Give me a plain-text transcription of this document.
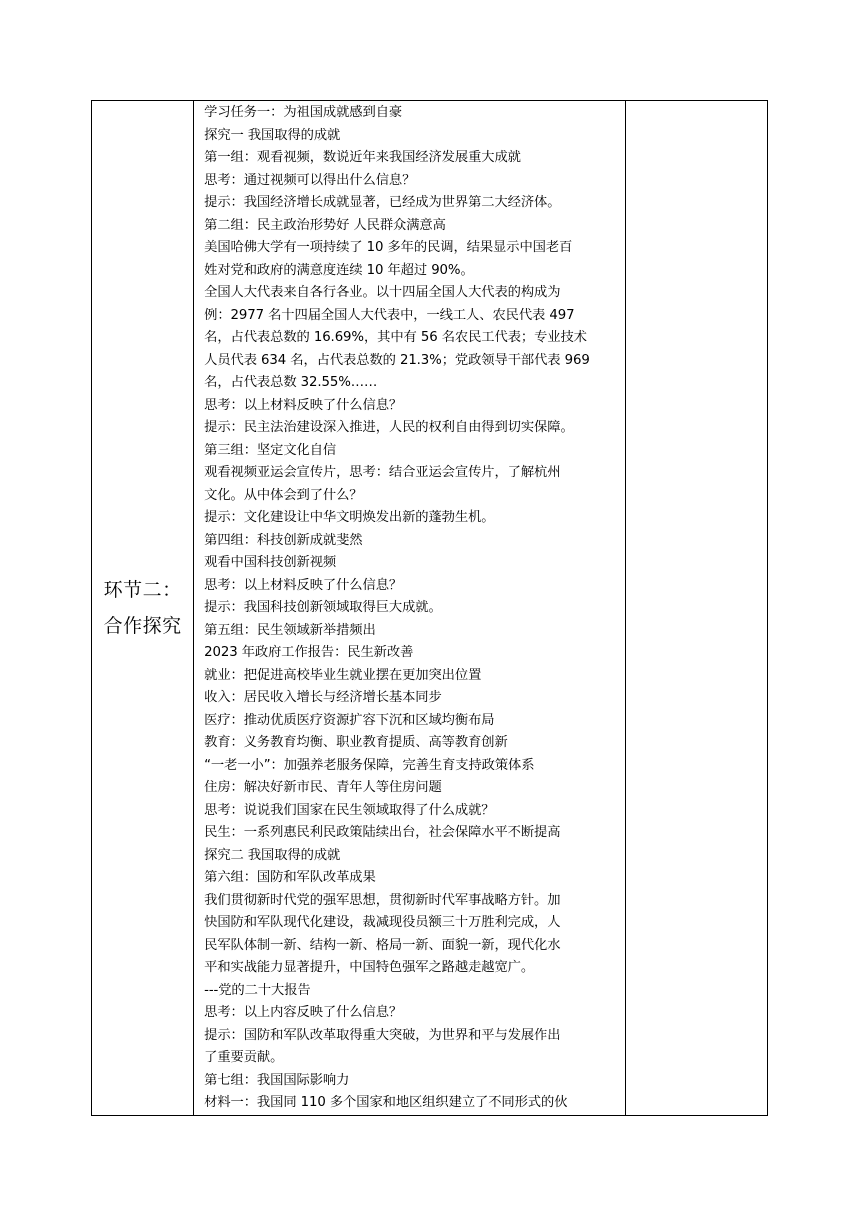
环节二：
合作探究

学习任务一：为祖国成就感到自豪
探究一 我国取得的成就
第一组：观看视频，数说近年来我国经济发展重大成就
思考：通过视频可以得出什么信息？
提示：我国经济增长成就显著，已经成为世界第二大经济体。
第二组：民主政治形势好 人民群众满意高
美国哈佛大学有一项持续了 10 多年的民调，结果显示中国老百
姓对党和政府的满意度连续 10 年超过 90%。
全国人大代表来自各行各业。以十四届全国人大代表的构成为
例：2977 名十四届全国人大代表中，一线工人、农民代表 497
名，占代表总数的 16.69%，其中有 56 名农民工代表；专业技术
人员代表 634 名，占代表总数的 21.3%；党政领导干部代表 969
名，占代表总数 32.55%……
思考：以上材料反映了什么信息？
提示：民主法治建设深入推进，人民的权利自由得到切实保障。
第三组：坚定文化自信
观看视频亚运会宣传片，思考：结合亚运会宣传片，了解杭州
文化。从中体会到了什么？
提示：文化建设让中华文明焕发出新的蓬勃生机。
第四组：科技创新成就斐然
观看中国科技创新视频
思考：以上材料反映了什么信息？
提示：我国科技创新领域取得巨大成就。
第五组：民生领域新举措频出
2023 年政府工作报告：民生新改善
就业：把促进高校毕业生就业摆在更加突出位置
收入：居民收入增长与经济增长基本同步
医疗：推动优质医疗资源扩容下沉和区域均衡布局
教育：义务教育均衡、职业教育提质、高等教育创新
“一老一小”：加强养老服务保障，完善生育支持政策体系
住房：解决好新市民、青年人等住房问题
思考：说说我们国家在民生领域取得了什么成就？
民生：一系列惠民利民政策陆续出台，社会保障水平不断提高
探究二 我国取得的成就
第六组：国防和军队改革成果
我们贯彻新时代党的强军思想，贯彻新时代军事战略方针。加
快国防和军队现代化建设，裁减现役员额三十万胜利完成，人
民军队体制一新、结构一新、格局一新、面貌一新，现代化水
平和实战能力显著提升，中国特色强军之路越走越宽广。
---党的二十大报告
思考：以上内容反映了什么信息？
提示：国防和军队改革取得重大突破，为世界和平与发展作出
了重要贡献。
第七组：我国国际影响力
材料一：我国同 110 多个国家和地区组织建立了不同形式的伙
